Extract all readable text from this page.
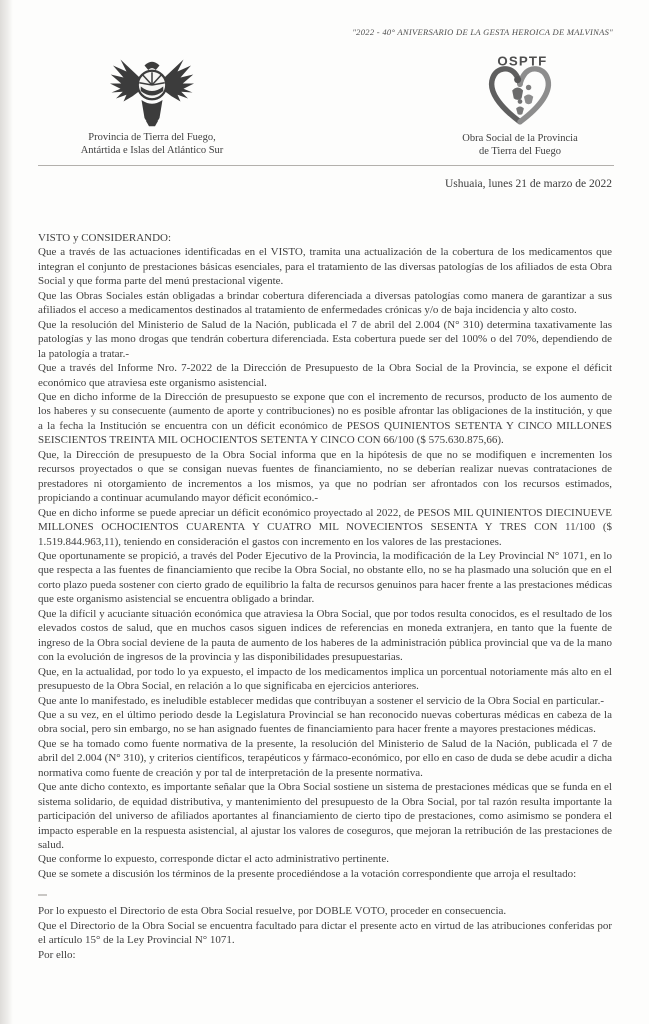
"2022 - 40° ANIVERSARIO DE LA GESTA HEROICA DE MALVINAS"
Provincia de Tierra del Fuego,
Antártida e Islas del Atlántico Sur
OSPTF
Obra Social de la Provincia
de Tierra del Fuego
Ushuaia, lunes 21 de marzo de 2022

VISTO y CONSIDERANDO:

Que a través de las actuaciones identificadas en el VISTO, tramita una actualización de la cobertura de los medicamentos que integran el conjunto de prestaciones básicas esenciales, para el tratamiento de las diversas patologías de los afiliados de esta Obra Social y que forma parte del menú prestacional vigente.

Que las Obras Sociales están obligadas a brindar cobertura diferenciada a diversas patologías como manera de garantizar a sus afiliados el acceso a medicamentos destinados al tratamiento de enfermedades crónicas y/o de baja incidencia y alto costo.

Que la resolución del Ministerio de Salud de la Nación, publicada el 7 de abril del 2.004 (N° 310) determina taxativamente las patologías y las mono drogas que tendrán cobertura diferenciada. Esta cobertura puede ser del 100% o del 70%, dependiendo de la patología a tratar.-

Que a través del Informe Nro. 7-2022 de la Dirección de Presupuesto de la Obra Social de la Provincia, se expone el déficit económico que atraviesa este organismo asistencial.

Que en dicho informe de la Dirección de presupuesto se expone que con el incremento de recursos, producto de los aumento de los haberes y su consecuente (aumento de aporte y contribuciones) no es posible afrontar las obligaciones de la institución, y que a la fecha la Institución se encuentra con un déficit económico de PESOS QUINIENTOS SETENTA Y CINCO MILLONES SEISCIENTOS TREINTA MIL OCHOCIENTOS SETENTA Y CINCO CON 66/100 ($ 575.630.875,66).

Que, la Dirección de presupuesto de la Obra Social informa que en la hipótesis de que no se modifiquen e incrementen los recursos proyectados o que se consigan nuevas fuentes de financiamiento, no se deberían realizar nuevas contrataciones de prestadores ni otorgamiento de incrementos a los mismos, ya que no podrían ser afrontados con los recursos estimados, propiciando a continuar acumulando mayor déficit económico.-

Que en dicho informe se puede apreciar un déficit económico proyectado al 2022, de PESOS MIL QUINIENTOS DIECINUEVE MILLONES OCHOCIENTOS CUARENTA Y CUATRO MIL NOVECIENTOS SESENTA Y TRES CON 11/100 ($ 1.519.844.963,11), teniendo en consideración el gastos con incremento en los valores de las prestaciones.

Que oportunamente se propició, a través del Poder Ejecutivo de la Provincia, la modificación de la Ley Provincial N° 1071, en lo que respecta a las fuentes de financiamiento que recibe la Obra Social, no obstante ello, no se ha plasmado una solución que en el corto plazo pueda sostener con cierto grado de equilibrio la falta de recursos genuinos para hacer frente a las prestaciones médicas que este organismo asistencial se encuentra obligado a brindar.

Que la difícil y acuciante situación económica que atraviesa la Obra Social, que por todos resulta conocidos, es el resultado de los elevados costos de salud, que en muchos casos siguen indices de referencias en moneda extranjera, en tanto que la fuente de ingreso de la Obra social deviene de la pauta de aumento de los haberes de la administración pública provincial que va de la mano con la evolución de ingresos de la provincia y las disponibilidades presupuestarias.

Que, en la actualidad, por todo lo ya expuesto, el impacto de los medicamentos implica un porcentual notoriamente más alto en el presupuesto de la Obra Social, en relación a lo que significaba en ejercicios anteriores.

Que ante lo manifestado, es ineludible establecer medidas que contribuyan a sostener el servicio de la Obra Social en particular.-

Que a su vez, en el último periodo desde la Legislatura Provincial se han reconocido nuevas coberturas médicas en cabeza de la obra social, pero sin embargo, no se han asignado fuentes de financiamiento para hacer frente a mayores prestaciones médicas.

Que se ha tomado como fuente normativa de la presente, la resolución del Ministerio de Salud de la Nación, publicada el 7 de abril del 2.004 (N° 310), y criterios científicos, terapéuticos y fármaco-económico, por ello en caso de duda se debe acudir a dicha normativa como fuente de creación y por tal de interpretación de la presente normativa.

Que ante dicho contexto, es importante señalar que la Obra Social sostiene un sistema de prestaciones médicas que se funda en el sistema solidario, de equidad distributiva, y mantenimiento del presupuesto de la Obra Social, por tal razón resulta importante la participación del universo de afiliados aportantes al financiamiento de cierto tipo de prestaciones, como asimismo se pondera el impacto esperable en la respuesta asistencial, al ajustar los valores de coseguros, que mejoran la retribución de las prestaciones de salud.

Que conforme lo expuesto, corresponde dictar el acto administrativo pertinente.

Que se somete a discusión los términos de la presente procediéndose a la votación correspondiente que arroja el resultado:

Por lo expuesto el Directorio de esta Obra Social resuelve, por DOBLE VOTO, proceder en consecuencia.

Que el Directorio de la Obra Social se encuentra facultado para dictar el presente acto en virtud de las atribuciones conferidas por el artículo 15° de la Ley Provincial N° 1071.

Por ello:
